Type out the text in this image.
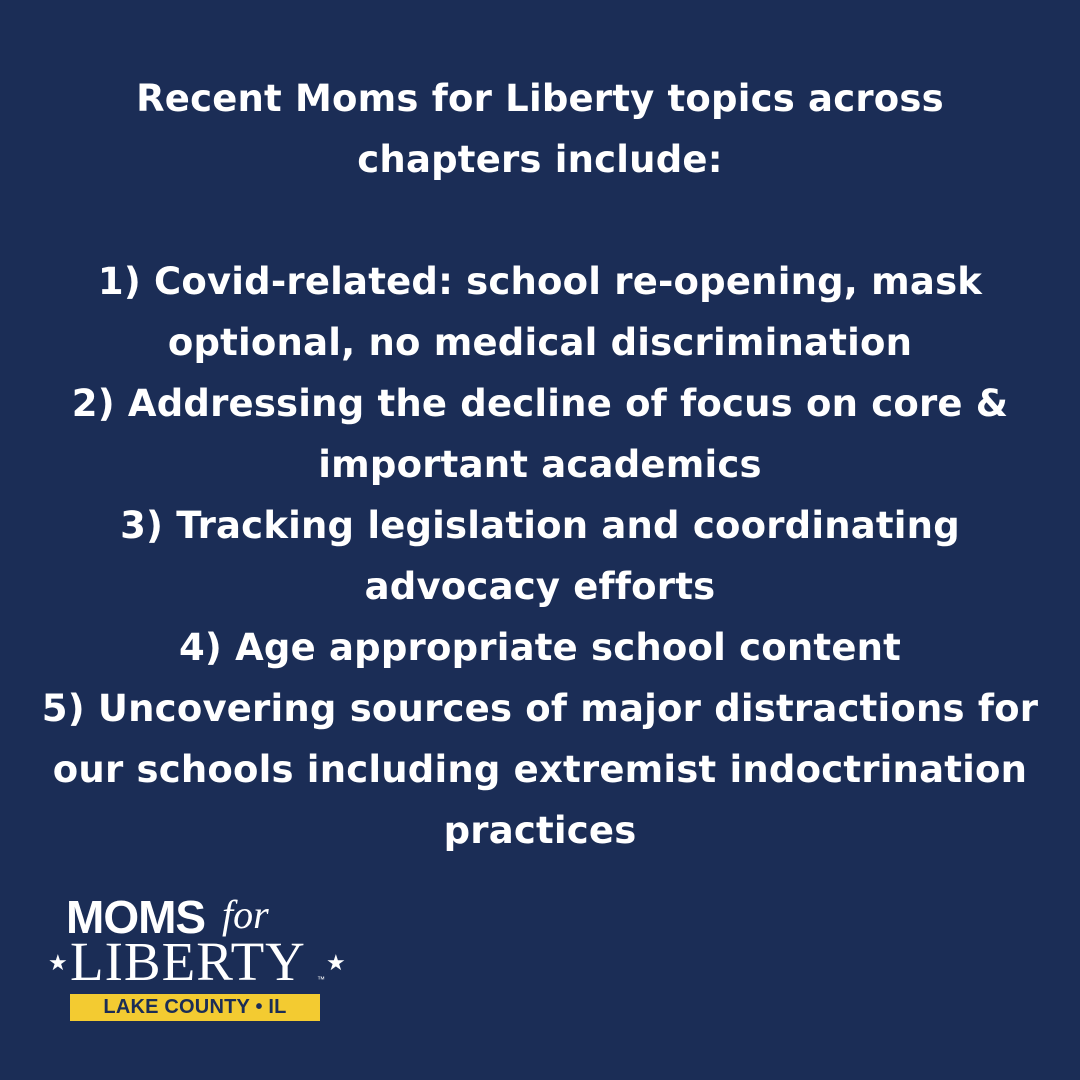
Recent Moms for Liberty topics across chapters include:

1) Covid-related: school re-opening, mask optional, no medical discrimination

2) Addressing the decline of focus on core & important academics

3) Tracking legislation and coordinating advocacy efforts

4) Age appropriate school content

5) Uncovering sources of major distractions for our schools including extremist indoctrination practices

MOMS for
★ LIBERTY ™
★
LAKE COUNTY • IL
